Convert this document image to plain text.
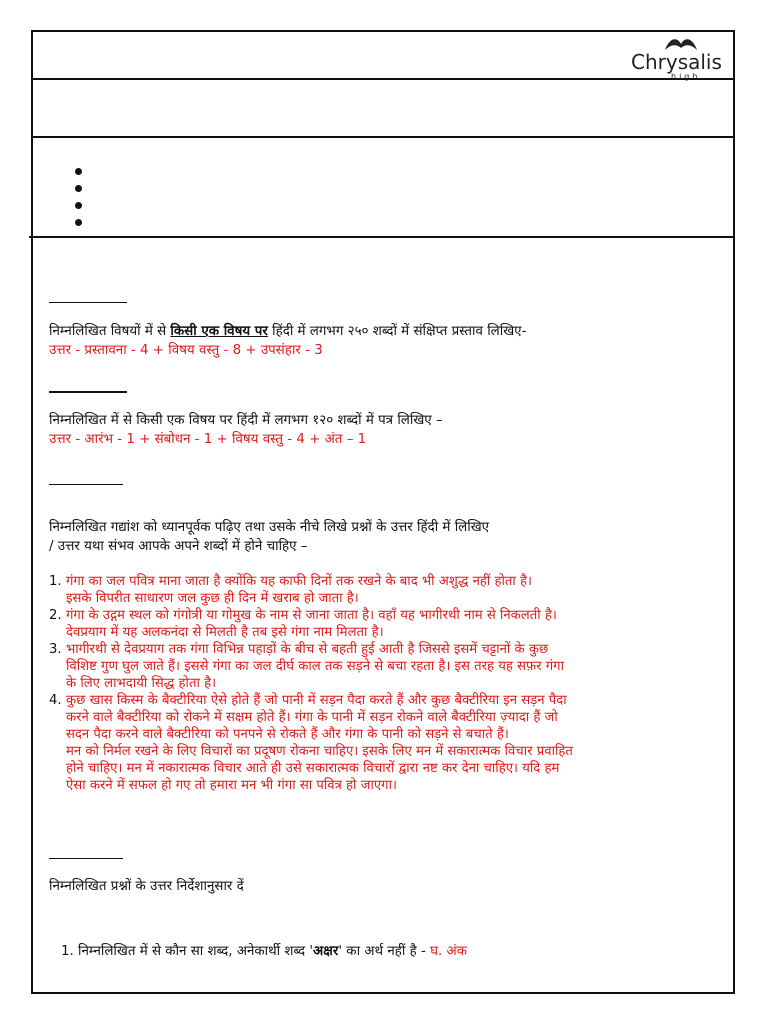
Chrysalis
high
निम्नलिखित विषयों में से किसी एक विषय पर हिंदी में लगभग २५० शब्दों में संक्षिप्त प्रस्ताव लिखिए-
उत्तर - प्रस्तावना - 4 + विषय वस्तु - 8 + उपसंहार - 3
निम्नलिखित में से किसी एक विषय पर हिंदी में लगभग १२० शब्दों में पत्र लिखिए –
उत्तर - आरंभ - 1 + संबोधन - 1 + विषय वस्तु - 4 + अंत – 1
निम्नलिखित गद्यांश को ध्यानपूर्वक पढ़िए तथा उसके नीचे लिखे प्रश्नों के उत्तर हिंदी में लिखिए
/ उत्तर यथा संभव आपके अपने शब्दों में होने चाहिए –
1. गंगा का जल पवित्र माना जाता है क्योंकि यह काफी दिनों तक रखने के बाद भी अशुद्ध नहीं होता है।
इसके विपरीत साधारण जल कुछ ही दिन में खराब हो जाता है।
2. गंगा के उद्गम स्थल को गंगोत्री या गोमुख के नाम से जाना जाता है। वहाँ यह भागीरथी नाम से निकलती है।
देवप्रयाग में यह अलकनंदा से मिलती है तब इसे गंगा नाम मिलता है।
3. भागीरथी से देवप्रयाग तक गंगा विभिन्न पहाड़ों के बीच से बहती हुई आती है जिससे इसमें चट्टानों के कुछ
विशिष्ट गुण घुल जाते हैं। इससे गंगा का जल दीर्घ काल तक सड़ने से बचा रहता है। इस तरह यह सफ़र गंगा
के लिए लाभदायी सिद्ध होता है।
4. कुछ खास किस्म के बैक्टीरिया ऐसे होते हैं जो पानी में सड़न पैदा करते हैं और कुछ बैक्टीरिया इन सड़न पैदा
करने वाले बैक्टीरिया को रोकने में सक्षम होते हैं। गंगा के पानी में सड़न रोकने वाले बैक्टीरिया ज़्यादा हैं जो
सदन पैदा करने वाले बैक्टीरिया को पनपने से रोकते हैं और गंगा के पानी को सड़ने से बचाते हैं।
मन को निर्मल रखने के लिए विचारों का प्रदूषण रोकना चाहिए। इसके लिए मन में सकारात्मक विचार प्रवाहित
होने चाहिए। मन में नकारात्मक विचार आते ही उसे सकारात्मक विचारों द्वारा नष्ट कर देना चाहिए। यदि हम
ऐसा करने में सफल हो गए तो हमारा मन भी गंगा सा पवित्र हो जाएगा।
निम्नलिखित प्रश्नों के उत्तर निर्देशानुसार दें
1. निम्नलिखित में से कौन सा शब्द, अनेकार्थी शब्द 'अक्षर' का अर्थ नहीं है - घ. अंक
